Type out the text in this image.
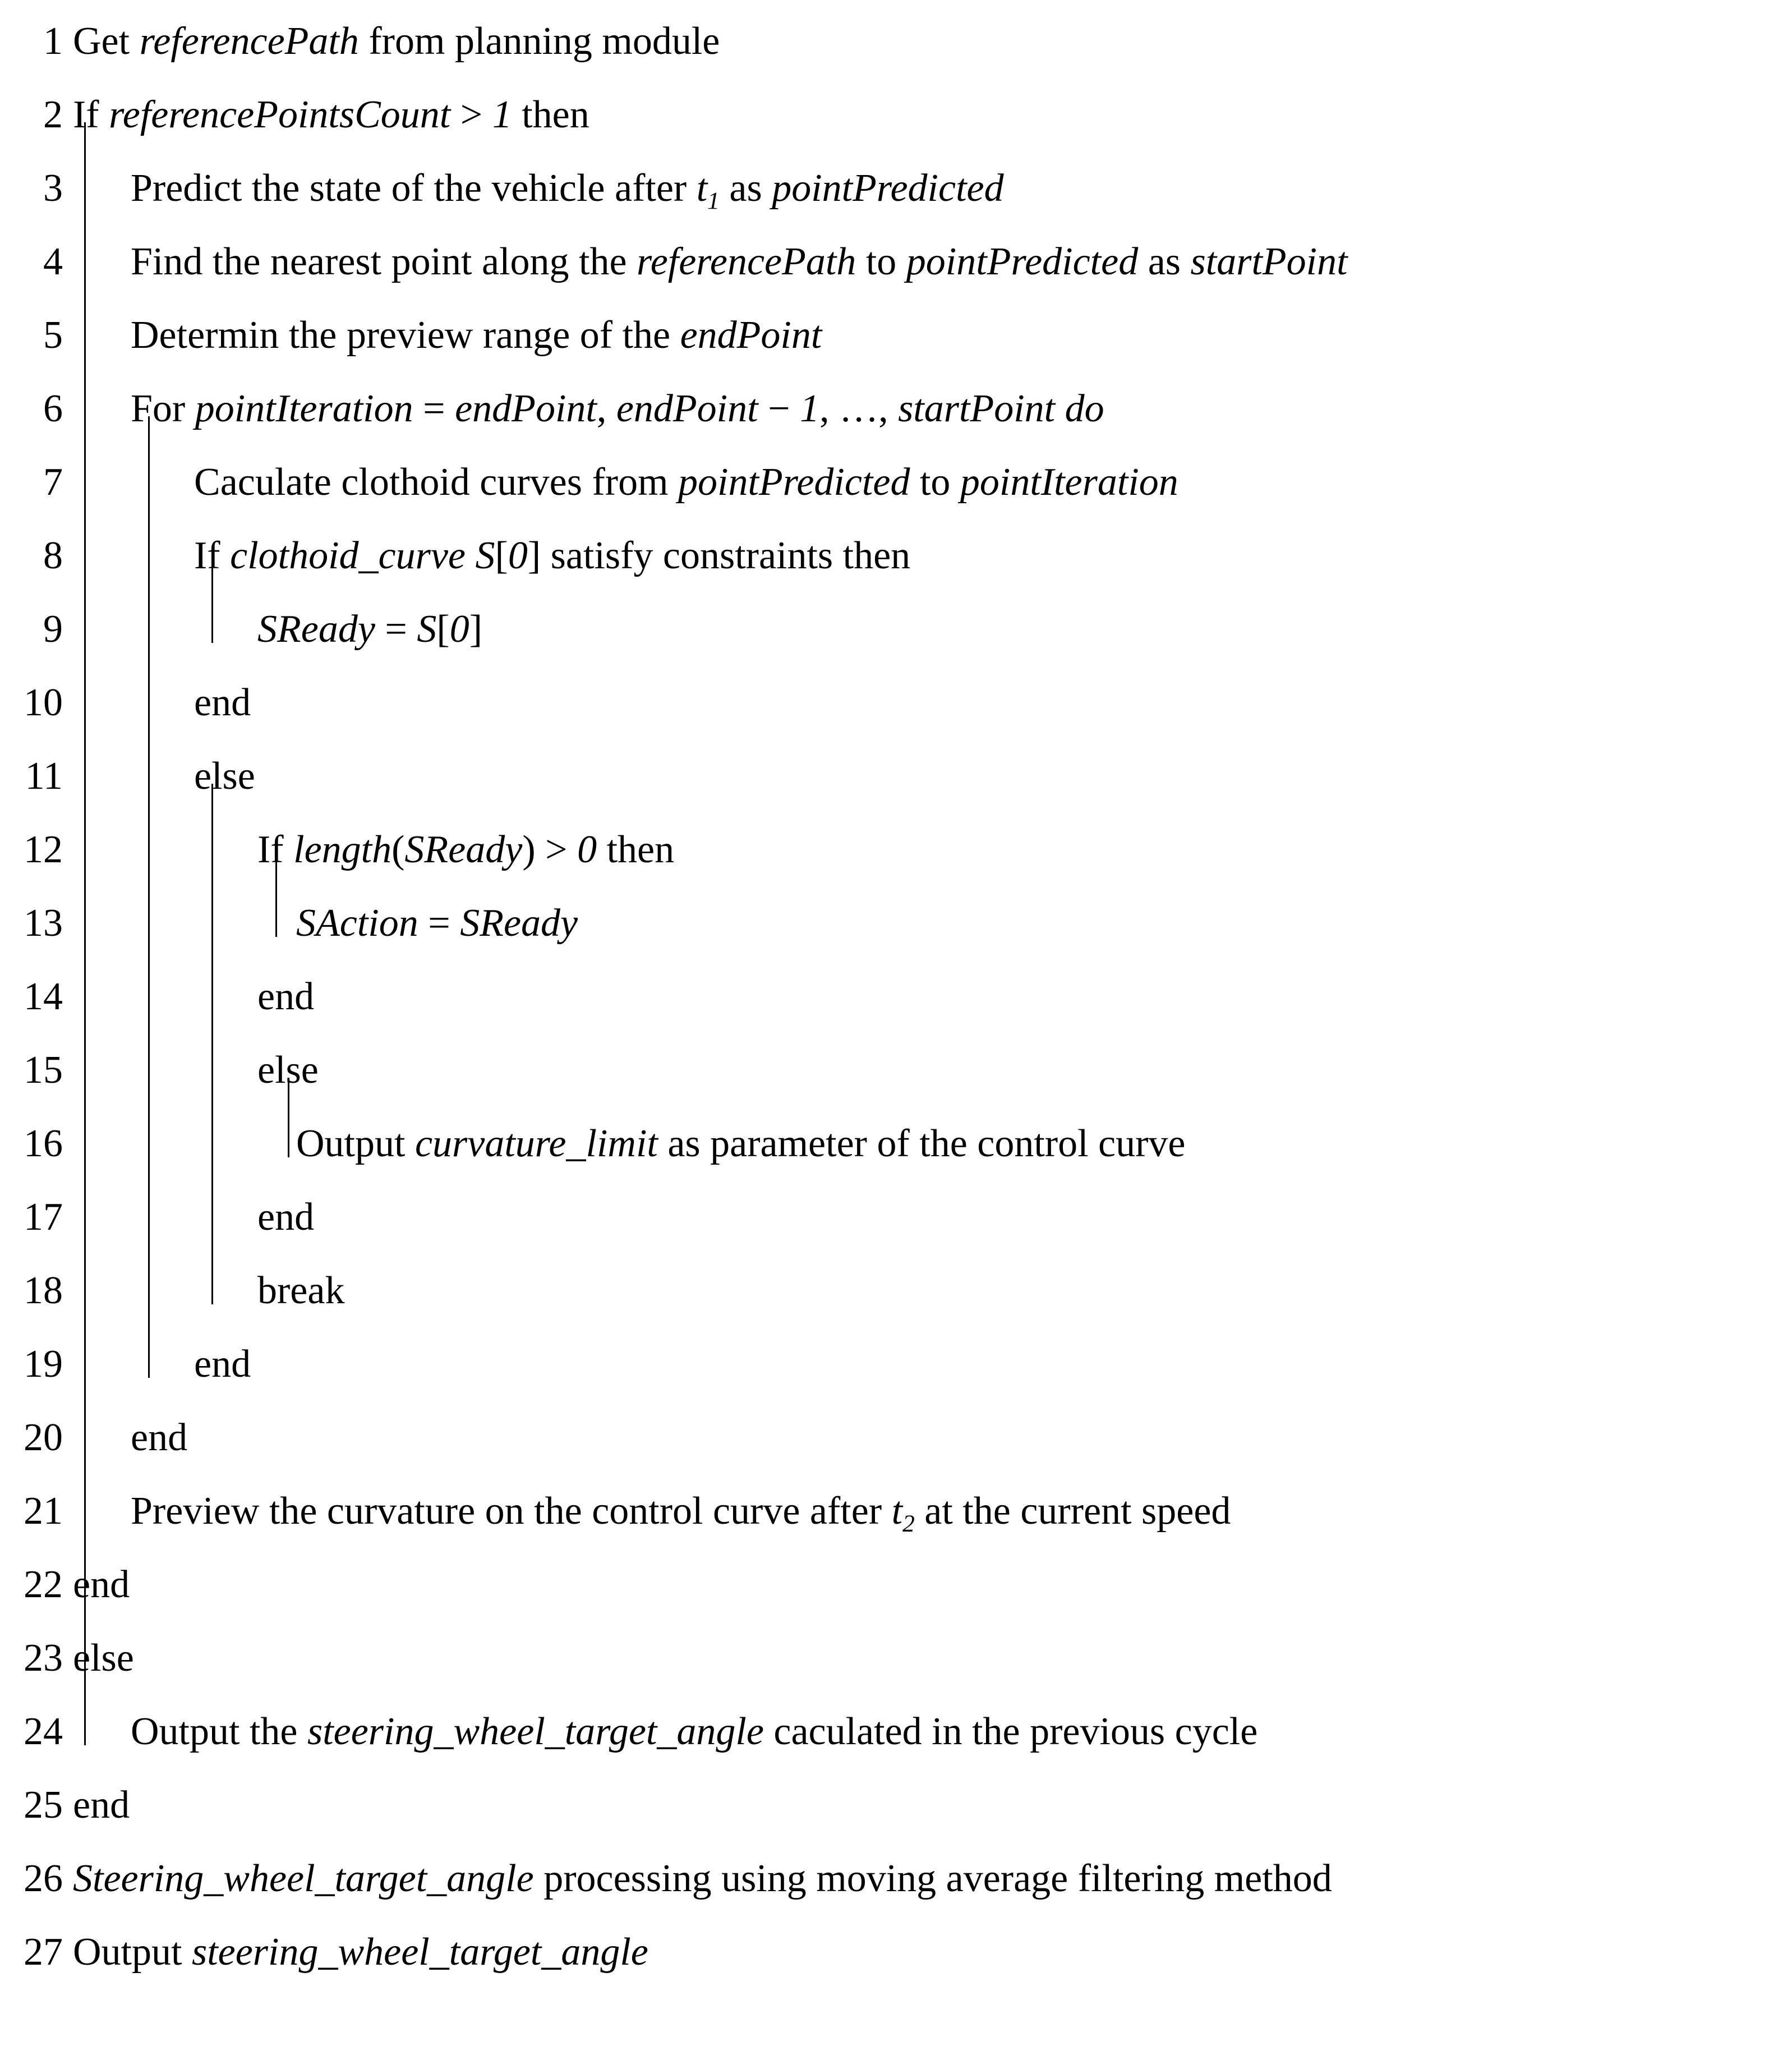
1 Get referencePath from planning module
2 If referencePointsCount > 1 then
3	Predict the state of the vehicle after $t_1$ as pointPredicted
4	Find the nearest point along the referencePath to pointPredicted as startPoint
5	Determin the preview range of the endPoint
6	For pointIteration = endPoint, endPoint − 1, …, startPoint do
7	Caculate clothoid curves from pointPredicted to pointIteration
8	If clothoid_curve S[0] satisfy constraints then
9	SReady = S[0]
10	end
11	else
12	If length(SReady) > 0 then
13	SAction = SReady
14	end
15	else
16	Output curvature_limit as parameter of the control curve
17	end
18	break
19	end
20	end
21	Preview the curvature on the control curve after $t_2$ at the current speed
22 end
23 else
24	Output the steering_wheel_target_angle caculated in the previous cycle
25 end
26 Steering_wheel_target_angle processing using moving average filtering method
27 Output steering_wheel_target_angle
